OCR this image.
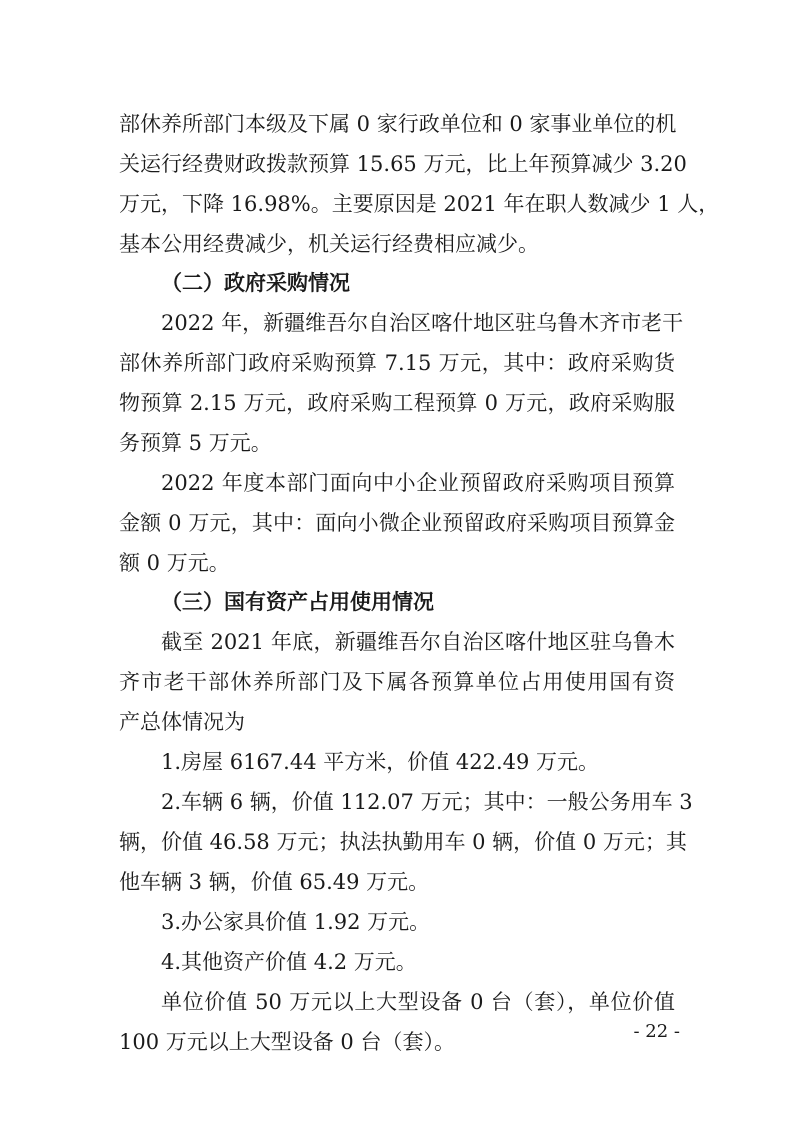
部休养所部门本级及下属 0 家行政单位和 0 家事业单位的机
关运行经费财政拨款预算 15.65 万元，比上年预算减少 3.20
万元，下降 16.98%。主要原因是 2021 年在职人数减少 1 人，
基本公用经费减少，机关运行经费相应减少。
（二）政府采购情况
2022 年，新疆维吾尔自治区喀什地区驻乌鲁木齐市老干
部休养所部门政府采购预算 7.15 万元，其中：政府采购货
物预算 2.15 万元，政府采购工程预算 0 万元，政府采购服
务预算 5 万元。
2022 年度本部门面向中小企业预留政府采购项目预算
金额 0 万元，其中：面向小微企业预留政府采购项目预算金
额 0 万元。
（三）国有资产占用使用情况
截至 2021 年底，新疆维吾尔自治区喀什地区驻乌鲁木
齐市老干部休养所部门及下属各预算单位占用使用国有资
产总体情况为
1.房屋 6167.44 平方米，价值 422.49 万元。
2.车辆 6 辆，价值 112.07 万元；其中：一般公务用车 3
辆，价值 46.58 万元；执法执勤用车 0 辆，价值 0 万元；其
他车辆 3 辆，价值 65.49 万元。
3.办公家具价值 1.92 万元。
4.其他资产价值 4.2 万元。
单位价值 50 万元以上大型设备 0 台（套），单位价值
100 万元以上大型设备 0 台（套）。	- 22 -
